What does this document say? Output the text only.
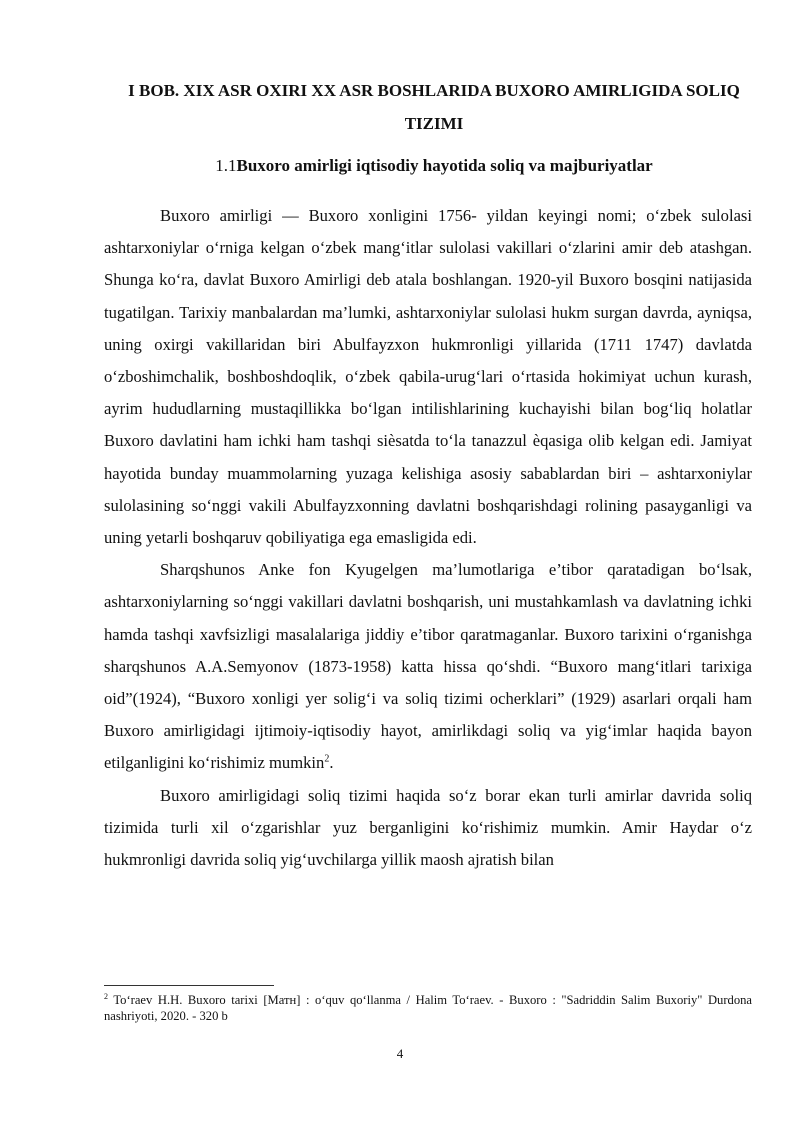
I BOB. XIX ASR OXIRI XX ASR BOSHLARIDA BUXORO AMIRLIGIDA SOLIQ TIZIMI
1.1Buxoro amirligi iqtisodiy hayotida soliq va majburiyatlar

Buxoro amirligi — Buxoro xonligini 1756- yildan keyingi nomi; o‘zbek sulolasi ashtarxoniylar o‘rniga kelgan o‘zbek mang‘itlar sulolasi vakillari o‘zlarini amir deb atashgan. Shunga ko‘ra, davlat Buxoro Amirligi deb atala boshlangan. 1920-yil Buxoro bosqini natijasida tugatilgan. Tarixiy manbalardan ma’lumki, ashtarxoniylar sulolasi hukm surgan davrda, ayniqsa, uning oxirgi vakillaridan biri Abulfayzxon hukmronligi yillarida (1711 1747) davlatda o‘zboshimchalik, boshboshdoqlik, o‘zbek qabila-urug‘lari o‘rtasida hokimiyat uchun kurash, ayrim hududlarning mustaqillikka bo‘lgan intilishlarining kuchayishi bilan bog‘liq holatlar Buxoro davlatini ham ichki ham tashqi siѐsatda to‘la tanazzul ѐqasiga olib kelgan edi. Jamiyat hayotida bunday muammolarning yuzaga kelishiga asosiy sabablardan biri – ashtarxoniylar sulolasining so‘nggi vakili Abulfayzxonning davlatni boshqarishdagi rolining pasayganligi va uning yetarli boshqaruv qobiliyatiga ega emasligida edi.

Sharqshunos Anke fon Kyugelgen ma’lumotlariga e’tibor qaratadigan bo‘lsak, ashtarxoniylarning so‘nggi vakillari davlatni boshqarish, uni mustahkamlash va davlatning ichki hamda tashqi xavfsizligi masalalariga jiddiy e’tibor qaratmaganlar. Buxoro tarixini o‘rganishga sharqshunos A.A.Semyonov (1873-1958) katta hissa qo‘shdi. “Buxoro mang‘itlari tarixiga oid”(1924), “Buxoro xonligi yer solig‘i va soliq tizimi ocherklari” (1929) asarlari orqali ham Buxoro amirligidagi ijtimoiy-iqtisodiy hayot, amirlikdagi soliq va yig‘imlar haqida bayon etilganligini ko‘rishimiz mumkin$^2$.

Buxoro amirligidagi soliq tizimi haqida so‘z borar ekan turli amirlar davrida soliq tizimida turli xil o‘zgarishlar yuz berganligini ko‘rishimiz mumkin. Amir Haydar o‘z hukmronligi davrida soliq yig‘uvchilarga yillik maosh ajratish bilan

$^2$ To‘raev H.H. Buxoro tarixi [Матн] : o‘quv qo‘llanma / Halim To‘raev. - Buxoro : "Sadriddin Salim Buxoriy" Durdona nashriyoti, 2020. - 320 b
4
